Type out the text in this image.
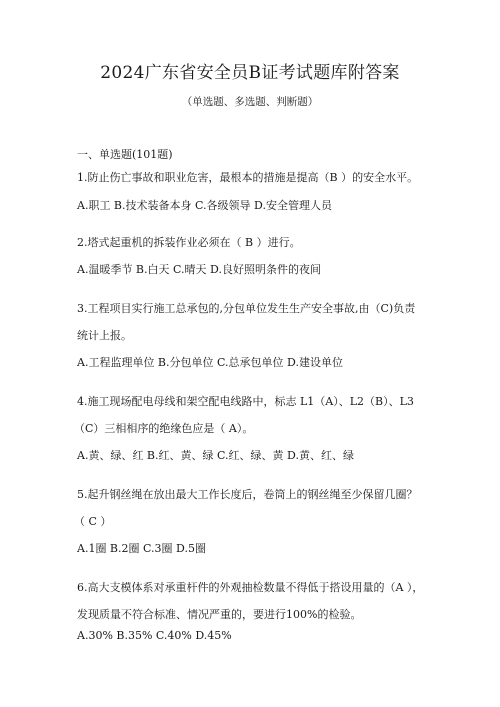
2024广东省安全员B证考试题库附答案
（单选题、多选题、判断题）
一、单选题(101题)
1.防止伤亡事故和职业危害，最根本的措施是提高（B ）的安全水平。
A.职工 B.技术装备本身 C.各级领导 D.安全管理人员
2.塔式起重机的拆装作业必须在（ B ）进行。
A.温暖季节 B.白天 C.晴天 D.良好照明条件的夜间
3.工程项目实行施工总承包的,分包单位发生生产安全事故,由（C)负责
统计上报。
A.工程监理单位 B.分包单位 C.总承包单位 D.建设单位
4.施工现场配电母线和架空配电线路中，标志 L1（A）、L2（B）、L3
（C）三相相序的绝缘色应是（ A）。
A.黄、绿、红 B.红、黄、绿 C.红、绿、黄 D.黄、红、绿
5.起升钢丝绳在放出最大工作长度后，卷筒上的钢丝绳至少保留几圈？
（ C ）
A.1圈 B.2圈 C.3圈 D.5圈
6.高大支模体系对承重杆件的外观抽检数量不得低于搭设用量的（A ），
发现质量不符合标准、情况严重的，要进行100%的检验。
A.30% B.35% C.40% D.45%
